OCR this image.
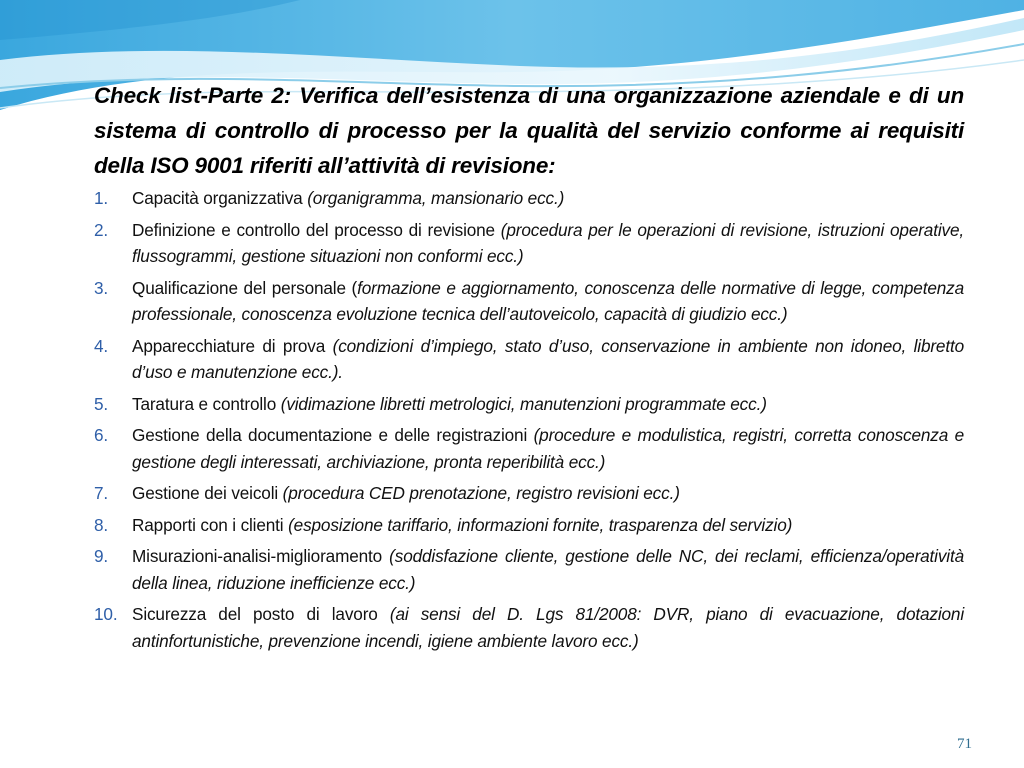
Check list-Parte 2: Verifica dell’esistenza di una organizzazione aziendale e di un sistema di controllo di processo per la qualità del servizio conforme ai requisiti della ISO 9001 riferiti all’attività di revisione:
1. Capacità organizzativa (organigramma, mansionario ecc.)
2. Definizione e controllo del processo di revisione (procedura per le operazioni di revisione, istruzioni operative, flussogrammi, gestione situazioni non conformi ecc.)
3. Qualificazione del personale (formazione e aggiornamento, conoscenza delle normative di legge, competenza professionale, conoscenza evoluzione tecnica dell’autoveicolo, capacità di giudizio ecc.)
4. Apparecchiature di prova (condizioni d’impiego, stato d’uso, conservazione in ambiente non idoneo, libretto d’uso e manutenzione ecc.).
5. Taratura e controllo (vidimazione libretti metrologici, manutenzioni programmate ecc.)
6. Gestione della documentazione e delle registrazioni (procedure e modulistica, registri, corretta conoscenza e gestione degli interessati, archiviazione, pronta reperibilità ecc.)
7. Gestione dei veicoli (procedura CED prenotazione, registro revisioni ecc.)
8. Rapporti con i clienti (esposizione tariffario, informazioni fornite, trasparenza del servizio)
9. Misurazioni-analisi-miglioramento (soddisfazione cliente, gestione delle NC, dei reclami, efficienza/operatività della linea, riduzione inefficienze ecc.)
10. Sicurezza del posto di lavoro (ai sensi del D. Lgs 81/2008: DVR, piano di evacuazione, dotazioni antinfortunistiche, prevenzione incendi, igiene ambiente lavoro ecc.)
71
